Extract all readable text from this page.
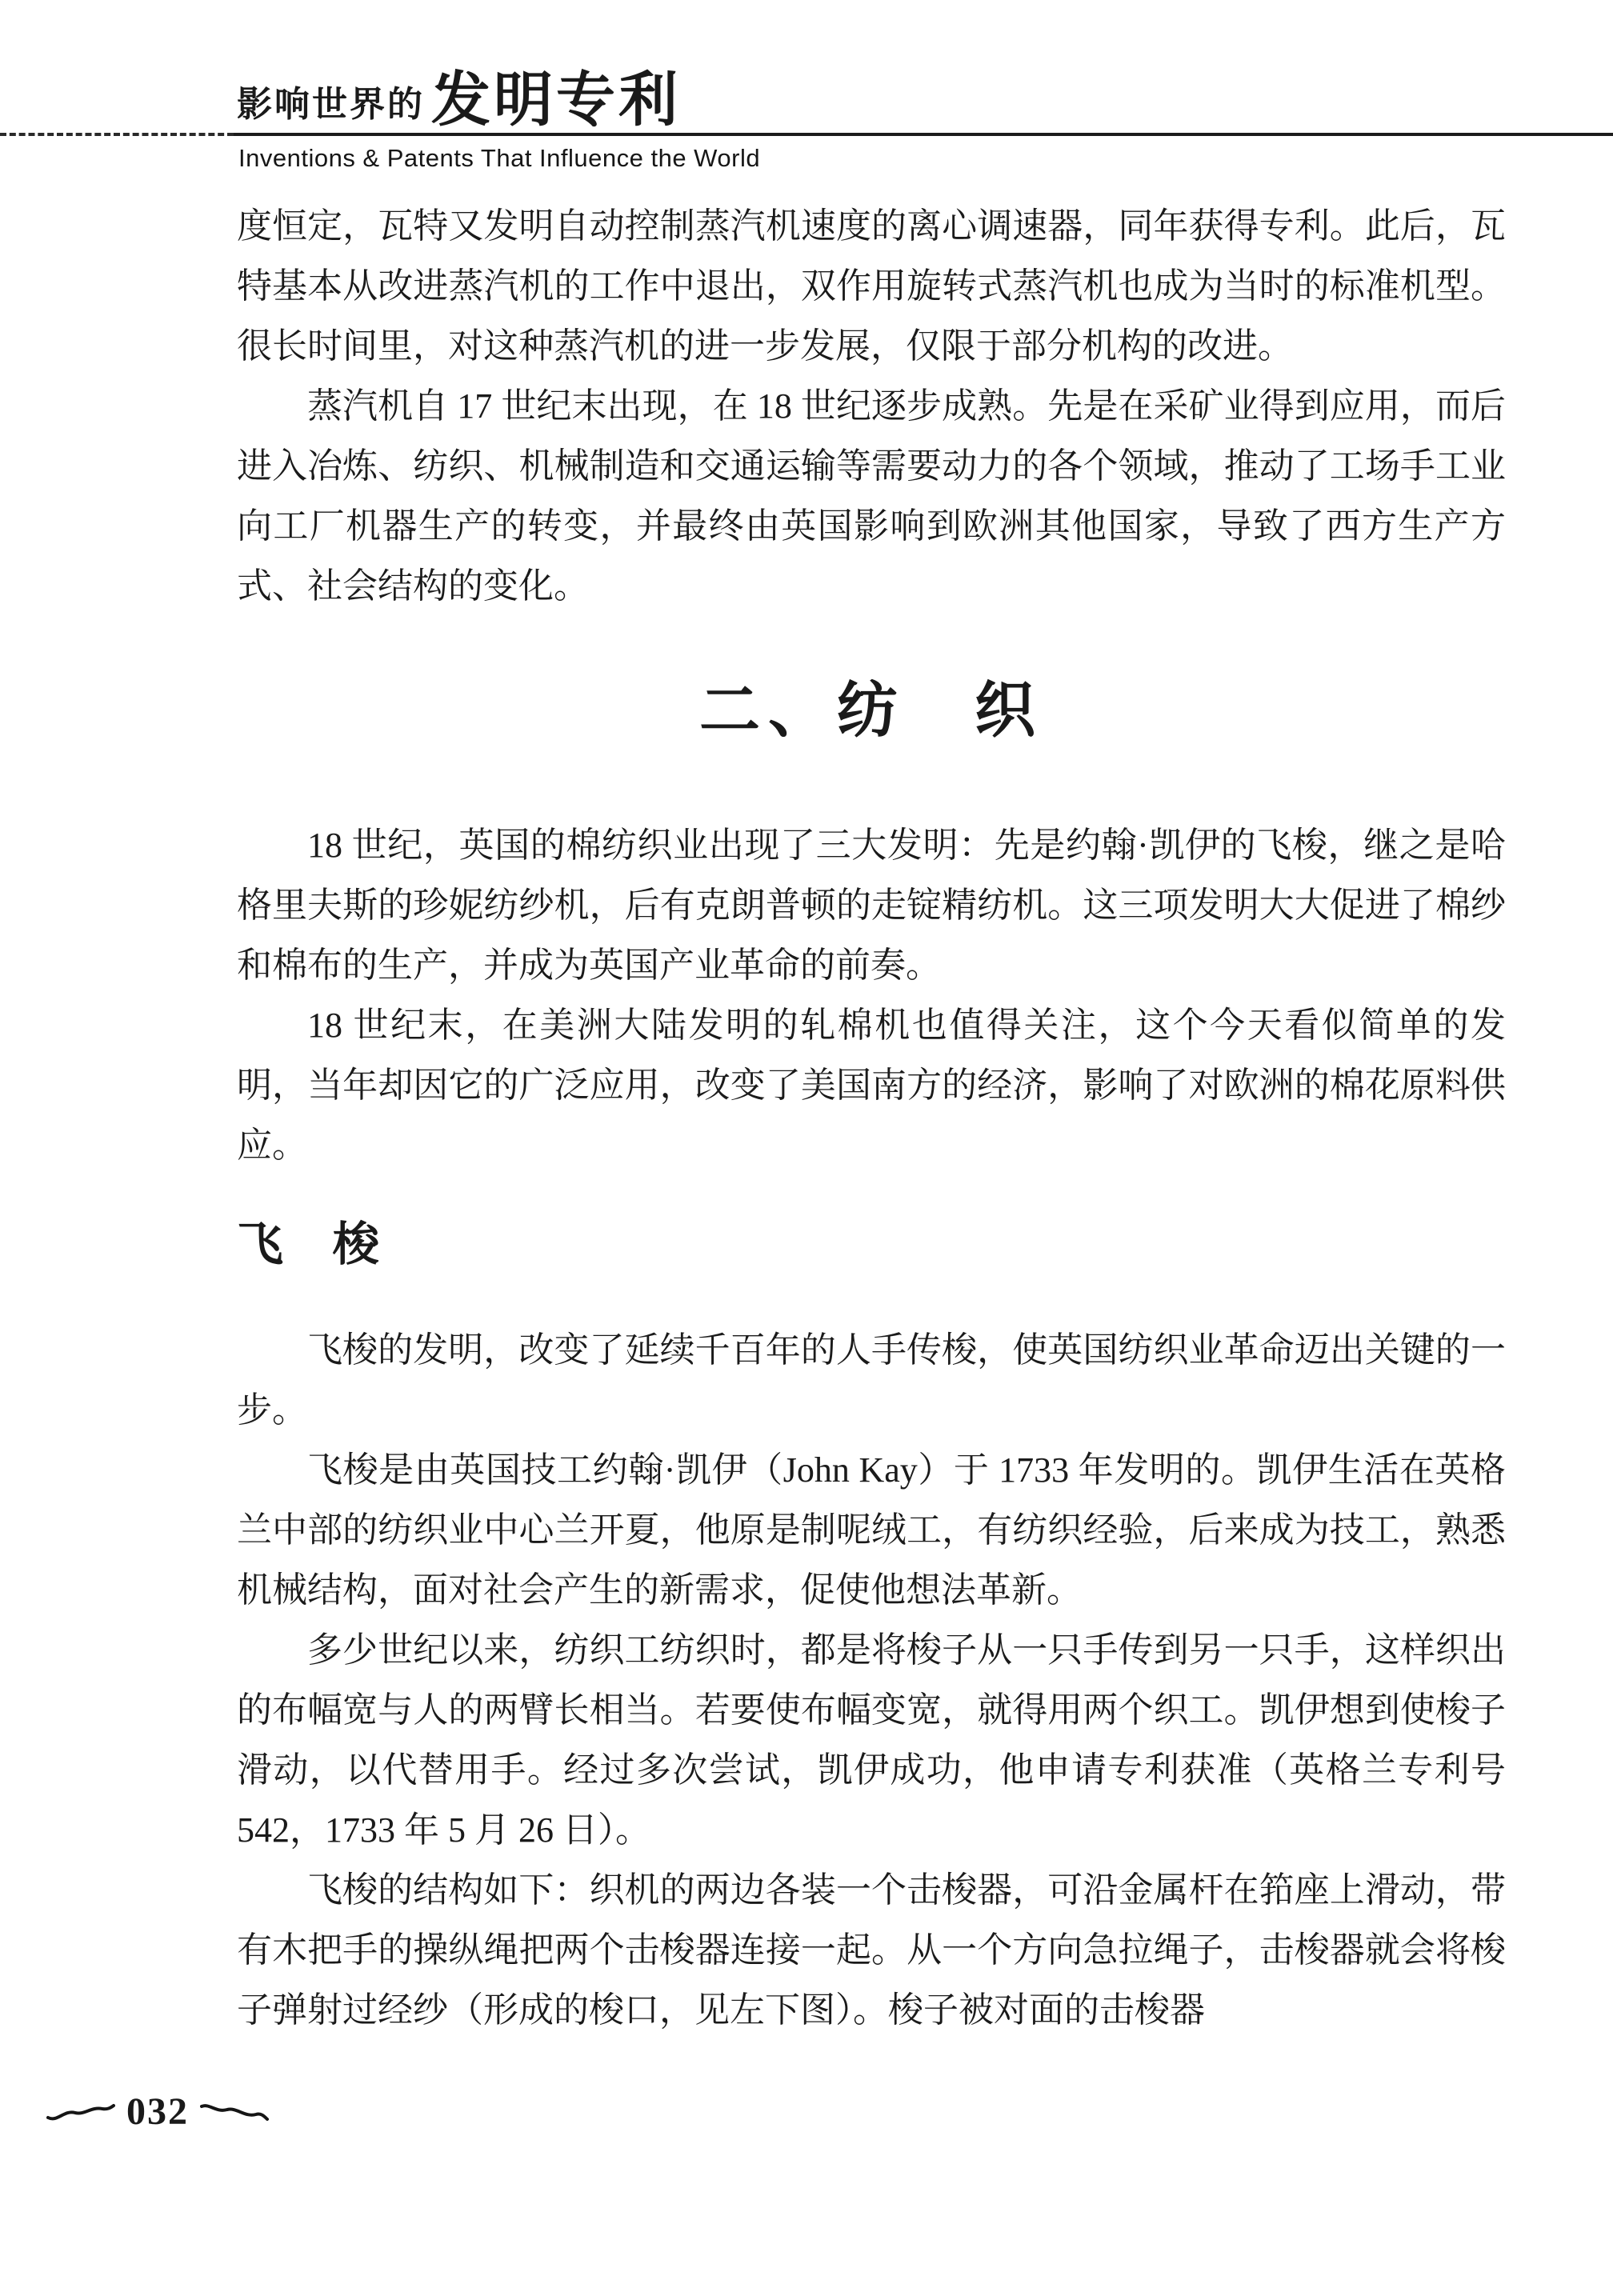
影响世界的 发明专利
Inventions & Patents That Influence the World

度恒定，瓦特又发明自动控制蒸汽机速度的离心调速器，同年获得专利。此后，瓦特基本从改进蒸汽机的工作中退出，双作用旋转式蒸汽机也成为当时的标准机型。很长时间里，对这种蒸汽机的进一步发展，仅限于部分机构的改进。

蒸汽机自 17 世纪末出现，在 18 世纪逐步成熟。先是在采矿业得到应用，而后进入冶炼、纺织、机械制造和交通运输等需要动力的各个领域，推动了工场手工业向工厂机器生产的转变，并最终由英国影响到欧洲其他国家，导致了西方生产方式、社会结构的变化。

二、纺　织

18 世纪，英国的棉纺织业出现了三大发明：先是约翰·凯伊的飞梭，继之是哈格里夫斯的珍妮纺纱机，后有克朗普顿的走锭精纺机。这三项发明大大促进了棉纱和棉布的生产，并成为英国产业革命的前奏。

18 世纪末，在美洲大陆发明的轧棉机也值得关注，这个今天看似简单的发明，当年却因它的广泛应用，改变了美国南方的经济，影响了对欧洲的棉花原料供应。

飞　梭

飞梭的发明，改变了延续千百年的人手传梭，使英国纺织业革命迈出关键的一步。

飞梭是由英国技工约翰·凯伊（John Kay）于 1733 年发明的。凯伊生活在英格兰中部的纺织业中心兰开夏，他原是制呢绒工，有纺织经验，后来成为技工，熟悉机械结构，面对社会产生的新需求，促使他想法革新。

多少世纪以来，纺织工纺织时，都是将梭子从一只手传到另一只手，这样织出的布幅宽与人的两臂长相当。若要使布幅变宽，就得用两个织工。凯伊想到使梭子滑动，以代替用手。经过多次尝试，凯伊成功，他申请专利获准（英格兰专利号 542，1733 年 5 月 26 日）。

飞梭的结构如下：织机的两边各装一个击梭器，可沿金属杆在筘座上滑动，带有木把手的操纵绳把两个击梭器连接一起。从一个方向急拉绳子，击梭器就会将梭子弹射过经纱（形成的梭口，见左下图）。梭子被对面的击梭器

032
